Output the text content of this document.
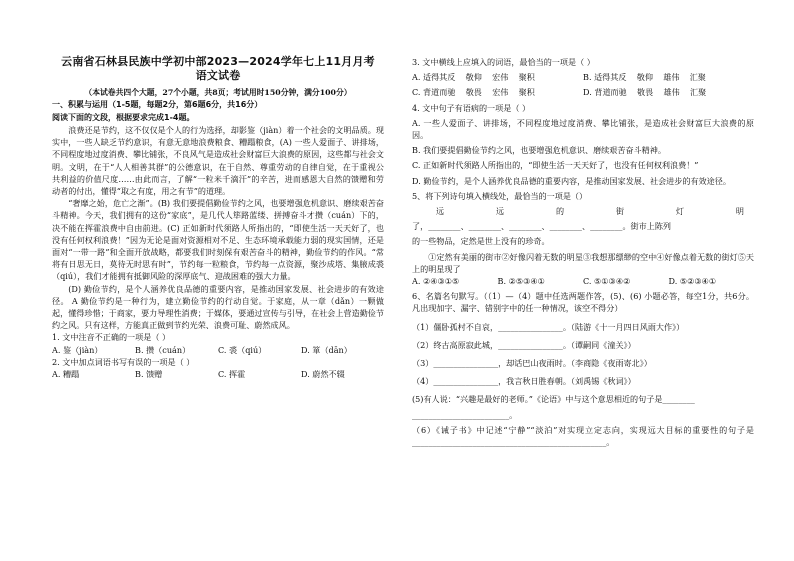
云南省石林县民族中学初中部2023—2024学年七上11月月考
语文试卷
（本试卷共四个大题，27个小题，共8页；考试用时150分钟，满分100分）
一、积累与运用（1-5题，每题2分，第6题6分，共16分）
阅读下面的文段，根据要求完成1-4题。

浪费还是节约，这不仅仅是个人的行为选择，却影鉴（jiàn）着一个社会的文明品质。现实中，一些人缺乏节约意识，有意无意地浪费粮食、糟蹋粮食，(A) 一些人爱面子、讲排场，不同程度地过度消费、攀比铺张，不良风气是造成社会财富巨大浪费的原因，这些都与社会文明。文明，在于“人人相善其群”的公德意识，在于自然、尊重劳动的自律自觉，在于重视公共利益的价值尺度……由此而言，了解“一粒米千滴汗”的辛苦，进而感恩大自然的馈赠和劳动者的付出，懂得“取之有度，用之有节”的道理。

“奢靡之始，危亡之渐”。(B) 我们要提倡勤俭节约之风，也要增强危机意识、磨续艰苦奋斗精神。今天，我们拥有的这份“家底”，是几代人筚路蓝缕、拼搏奋斗才攒（cuán）下的，决不能在挥霍浪费中自由前进。(C) 正如新时代须路人所指出的，“即使生活一天天好了，也没有任何权利浪费！”因为无论是面对资源相对不足、生态环境承载能力弱的现实国情，还是面对“一带一路”和全面开放战略，都要我们时刻保有艰苦奋斗的精神，勤俭节约的作风。“常将有日思无日，莫待无时思有时”，节约每一粒粮食，节约每一点资源，聚沙成塔、集腋成裘（qiú），我们才能拥有抵御风险的深厚底气、迎战困难的强大力量。

(D) 勤俭节约，是个人涵养优良品德的重要内容，是推动国家发展、社会进步的有效途径。 A 勤俭节约是一种行为，建立勤俭节约的行动自觉。于家庭，从一章（dǎn）一颗做起，懂得珍惜；于商家，要力导理性消费；于媒体，要通过宣传与引导，在社会上营造勤俭节约之风。只有这样，方能真正做到节约光荣、浪费可耻、蔚然成风。

1. 文中注音不正确的一项是（ ）
A. 鉴（jiàn）	B. 攒（cuán）	C. 裘（qiú）	D. 箪（dān）
2. 文中加点词语书写有误的一项是（ ）
A. 糟蹋	B. 馈赠	C. 挥霍	D. 蔚然不辍
3. 文中横线上应填入的词语，最恰当的一项是（ ）
A. 适得其反    敬仰    宏伟    聚积	B. 适得其反    敬仰    雄伟    汇聚
C. 背道而驰    敬畏    宏伟    聚积	D. 背道而驰    敬畏    雄伟    汇聚
4. 文中句子有语病的一项是（ ）

A. 一些人爱面子、讲排场，不同程度地过度消费、攀比铺张，是造成社会财富巨大浪费的原因。

B. 我们要提倡勤俭节约之风，也要增强危机意识、磨续艰苦奋斗精神。

C. 正如新时代须路人所指出的，“即使生活一天天好了，也没有任何权利浪费！”

D. 勤俭节约，是个人涵养优良品德的重要内容，是推动国家发展、社会进步的有效途径。

5、将下列诗句填入横线处，最恰当的一项是（）
远	远	的	街	灯	明
了，________、________、________、________、________。街市上陈列
的一些物品，定然是世上没有的珍奇。

①定然有美丽的街市②好像闪着无数的明星③我想那缥缈的空中④好像点着无数的街灯⑤天上的明星现了

A. ②④③①⑤	B. ②⑤③④①	C. ⑤①③④②	D. ⑤②③④①

6、名篇名句默写。（（1）—（4）题中任选两题作答，(5)、(6) 小题必答，每空1分，共6分。凡出现加字、漏字、错别字中的任一种情况，该空不得分）

（1）僵卧孤村不自哀，________________。（陆游《十一月四日风雨大作》）
（2）终古高原寂此城，________________。（谭嗣同《潼关》）
（3）________________，却话巴山夜雨时。（李商隐《夜雨寄北》）
（4）________________，我言秋日胜春朝。（刘禹锡《秋词》）
(5)有人说：“兴趣是最好的老师。”《论语》中与这个意思相近的句子是________
________________________。

（6）《诫子书》中记述“宁静”“淡泊”对实现立定志向，实现远大目标的重要性的句子是________________________________________________。
